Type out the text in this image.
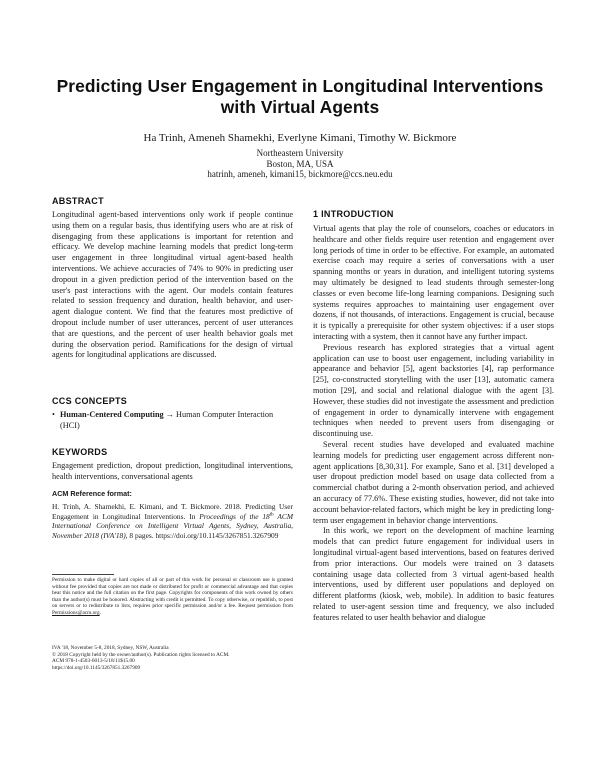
Predicting User Engagement in Longitudinal Interventions with Virtual Agents
Ha Trinh, Ameneh Shamekhi, Everlyne Kimani, Timothy W. Bickmore
Northeastern University
Boston, MA, USA
hatrinh, ameneh, kimani15, bickmore@ccs.neu.edu
ABSTRACT

Longitudinal agent-based interventions only work if people continue using them on a regular basis, thus identifying users who are at risk of disengaging from these applications is important for retention and efficacy. We develop machine learning models that predict long-term user engagement in three longitudinal virtual agent-based health interventions. We achieve accuracies of 74% to 90% in predicting user dropout in a given prediction period of the intervention based on the user's past interactions with the agent. Our models contain features related to session frequency and duration, health behavior, and user-agent dialogue content. We find that the features most predictive of dropout include number of user utterances, percent of user utterances that are questions, and the percent of user health behavior goals met during the observation period. Ramifications for the design of virtual agents for longitudinal applications are discussed.

CCS CONCEPTS
• Human-Centered Computing → Human Computer Interaction (HCI)
KEYWORDS

Engagement prediction, dropout prediction, longitudinal interventions, health interventions, conversational agents

ACM Reference format:

H. Trinh, A. Shamekhi, E. Kimani, and T. Bickmore. 2018. Predicting User Engagement in Longitudinal Interventions. In Proceedings of the 18th ACM International Conference on Intelligent Virtual Agents, Sydney, Australia, November 2018 (IVA'18), 8 pages. https://doi.org/10.1145/3267851.3267909

Permission to make digital or hard copies of all or part of this work for personal or classroom use is granted without fee provided that copies are not made or distributed for profit or commercial advantage and that copies bear this notice and the full citation on the first page. Copyrights for components of this work owned by others than the author(s) must be honored. Abstracting with credit is permitted. To copy otherwise, or republish, to post on servers or to redistribute to lists, requires prior specific permission and/or a fee. Request permission from Permissions@acm.org.

IVA '18, November 5-8, 2018, Sydney, NSW, Australia
© 2018 Copyright held by the owner/author(s). Publication rights licensed to ACM.
ACM 978-1-4503-6013-5/18/11$15.00
https://doi.org/10.1145/3267851.3267909
1 INTRODUCTION

Virtual agents that play the role of counselors, coaches or educators in healthcare and other fields require user retention and engagement over long periods of time in order to be effective. For example, an automated exercise coach may require a series of conversations with a user spanning months or years in duration, and intelligent tutoring systems may ultimately be designed to lead students through semester-long classes or even become life-long learning companions. Designing such systems requires approaches to maintaining user engagement over dozens, if not thousands, of interactions. Engagement is crucial, because it is typically a prerequisite for other system objectives: if a user stops interacting with a system, then it cannot have any further impact.

Previous research has explored strategies that a virtual agent application can use to boost user engagement, including variability in appearance and behavior [5], agent backstories [4], rap performance [25], co-constructed storytelling with the user [13], automatic camera motion [29], and social and relational dialogue with the agent [3]. However, these studies did not investigate the assessment and prediction of engagement in order to dynamically intervene with engagement techniques when needed to prevent users from disengaging or discontinuing use.

Several recent studies have developed and evaluated machine learning models for predicting user engagement across different non-agent applications [8,30,31]. For example, Sano et al. [31] developed a user dropout prediction model based on usage data collected from a commercial chatbot during a 2-month observation period, and achieved an accuracy of 77.6%. These existing studies, however, did not take into account behavior-related factors, which might be key in predicting long-term user engagement in behavior change interventions.

In this work, we report on the development of machine learning models that can predict future engagement for individual users in longitudinal virtual-agent based interventions, based on features derived from prior interactions. Our models were trained on 3 datasets containing usage data collected from 3 virtual agent-based health interventions, used by different user populations and deployed on different platforms (kiosk, web, mobile). In addition to basic features related to user-agent session time and frequency, we also included features related to user health behavior and dialogue
